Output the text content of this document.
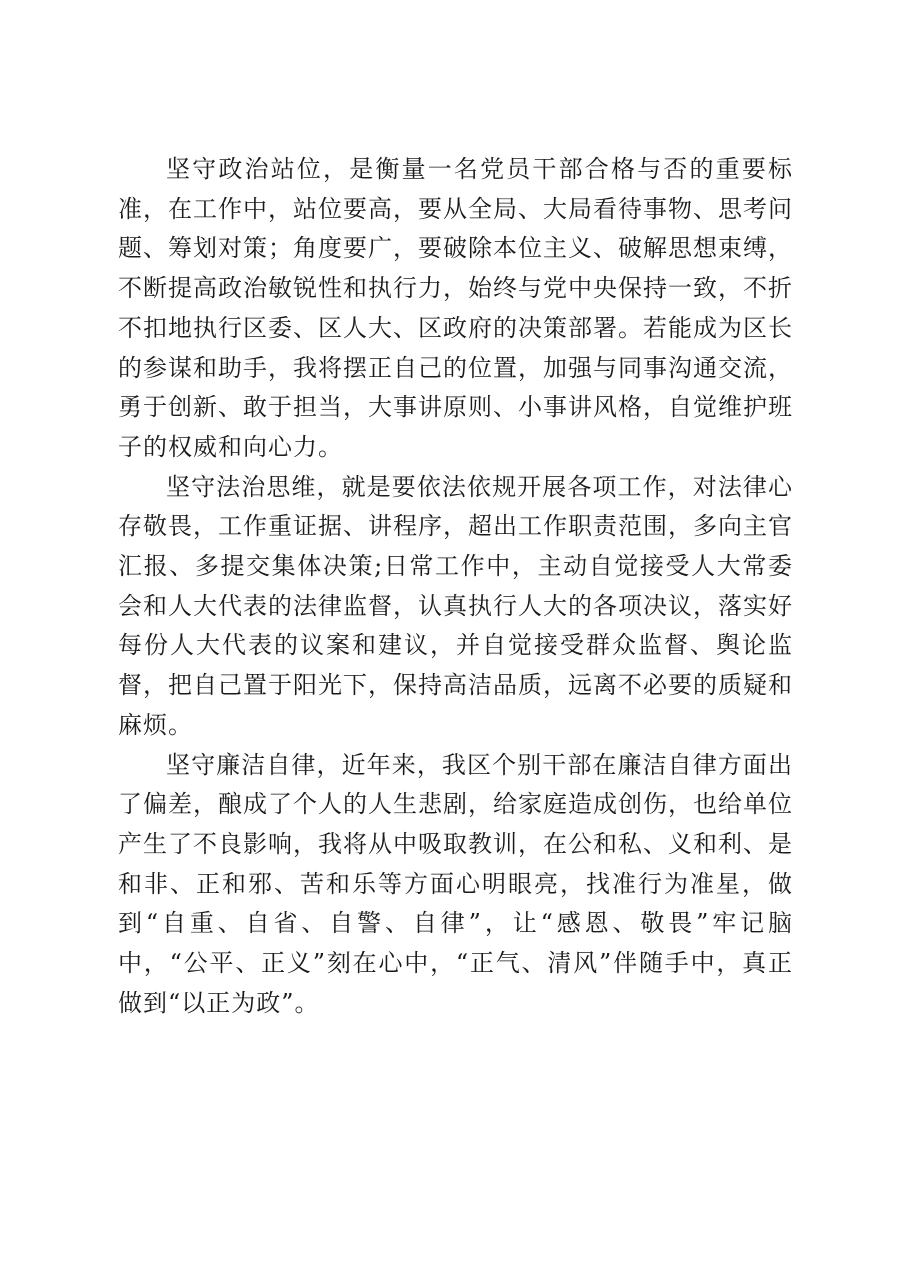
坚守政治站位，是衡量一名党员干部合格与否的重要标准，在工作中，站位要高，要从全局、大局看待事物、思考问题、筹划对策；角度要广，要破除本位主义、破解思想束缚，不断提高政治敏锐性和执行力，始终与党中央保持一致，不折不扣地执行区委、区人大、区政府的决策部署。若能成为区长的参谋和助手，我将摆正自己的位置，加强与同事沟通交流，勇于创新、敢于担当，大事讲原则、小事讲风格，自觉维护班子的权威和向心力。

坚守法治思维，就是要依法依规开展各项工作，对法律心存敬畏，工作重证据、讲程序，超出工作职责范围，多向主官汇报、多提交集体决策;日常工作中，主动自觉接受人大常委会和人大代表的法律监督，认真执行人大的各项决议，落实好每份人大代表的议案和建议，并自觉接受群众监督、舆论监督，把自己置于阳光下，保持高洁品质，远离不必要的质疑和麻烦。

坚守廉洁自律，近年来，我区个别干部在廉洁自律方面出了偏差，酿成了个人的人生悲剧，给家庭造成创伤，也给单位产生了不良影响，我将从中吸取教训，在公和私、义和利、是和非、正和邪、苦和乐等方面心明眼亮，找准行为准星，做到“自重、自省、自警、自律”，让“感恩、敬畏”牢记脑中，“公平、正义”刻在心中，“正气、清风”伴随手中，真正做到“以正为政”。
